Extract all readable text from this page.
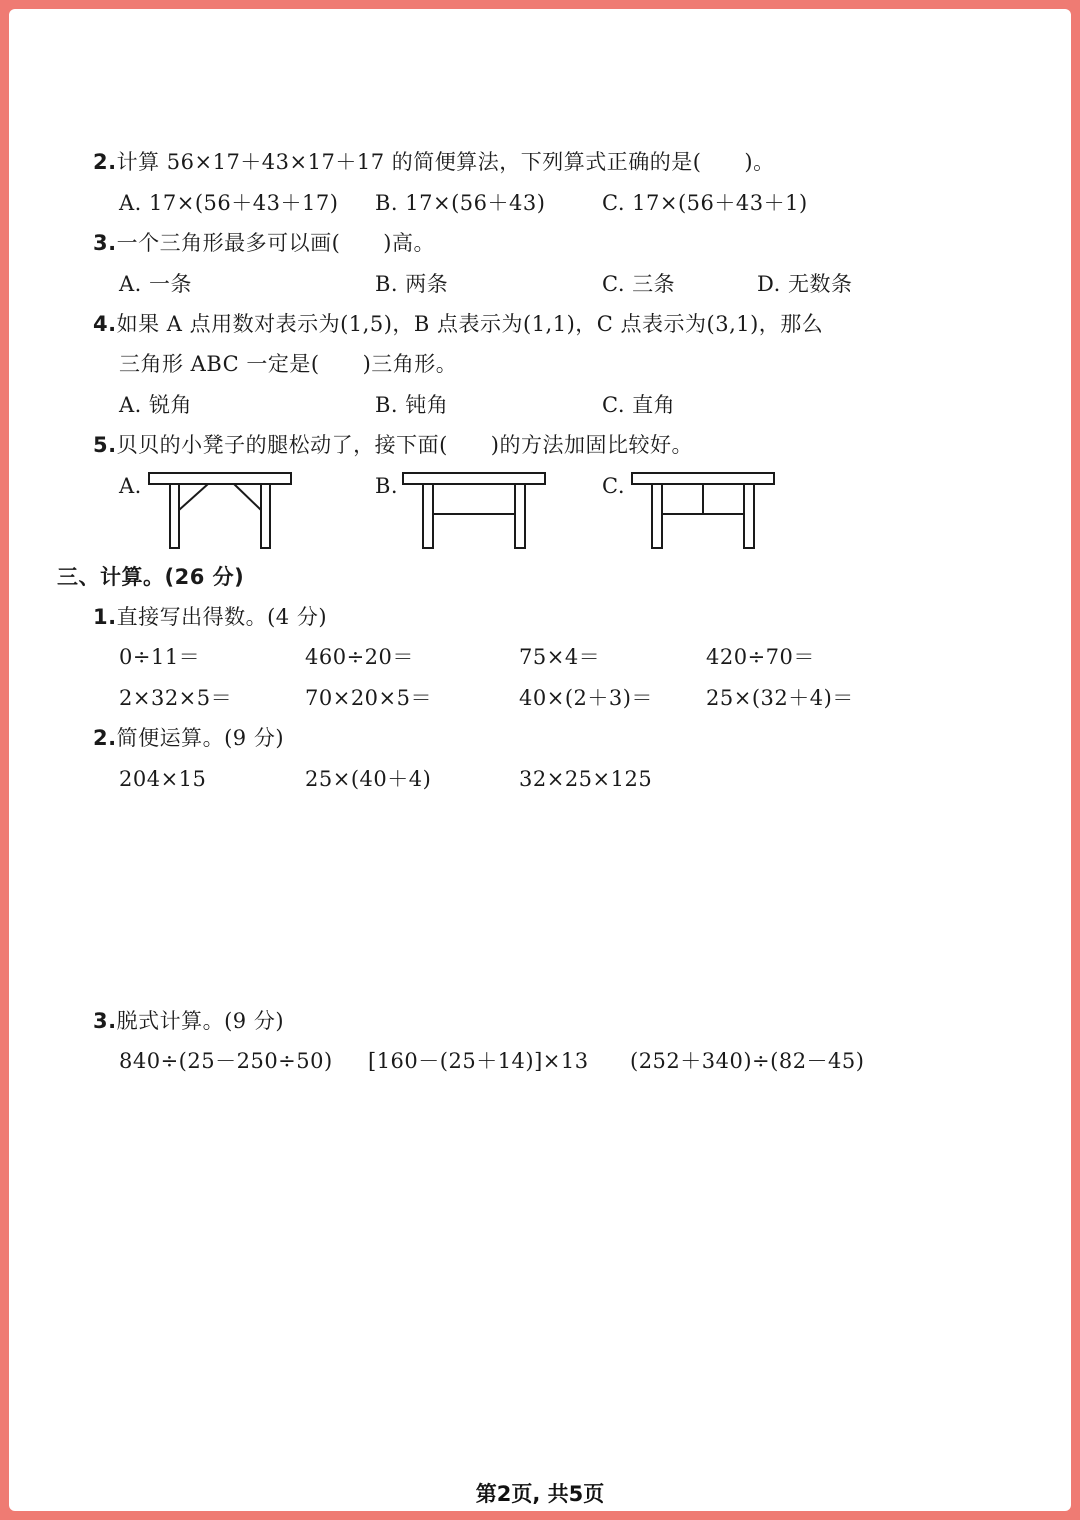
2.计算 56×17＋43×17＋17 的简便算法，下列算式正确的是(　　)。
A. 17×(56＋43＋17) B. 17×(56＋43)	C. 17×(56＋43＋1)
3.一个三角形最多可以画(　　)高。
A. 一条	B. 两条	C. 三条	D. 无数条
4.如果 A 点用数对表示为(1,5)，B 点表示为(1,1)，C 点表示为(3,1)，那么
三角形 ABC 一定是(　　)三角形。
A. 锐角	B. 钝角	C. 直角
5.贝贝的小凳子的腿松动了，接下面(　　)的方法加固比较好。
A.	B.	C.
三、计算。(26 分)
1.直接写出得数。(4 分)
0÷11＝	460÷20＝	75×4＝	420÷70＝
2×32×5＝	70×20×5＝	40×(2＋3)＝	25×(32＋4)＝
2.简便运算。(9 分)
204×15	25×(40＋4)	32×25×125
3.脱式计算。(9 分)
840÷(25－250÷50) [160－(25＋14)]×13 (252＋340)÷(82－45)
第2页, 共5页
